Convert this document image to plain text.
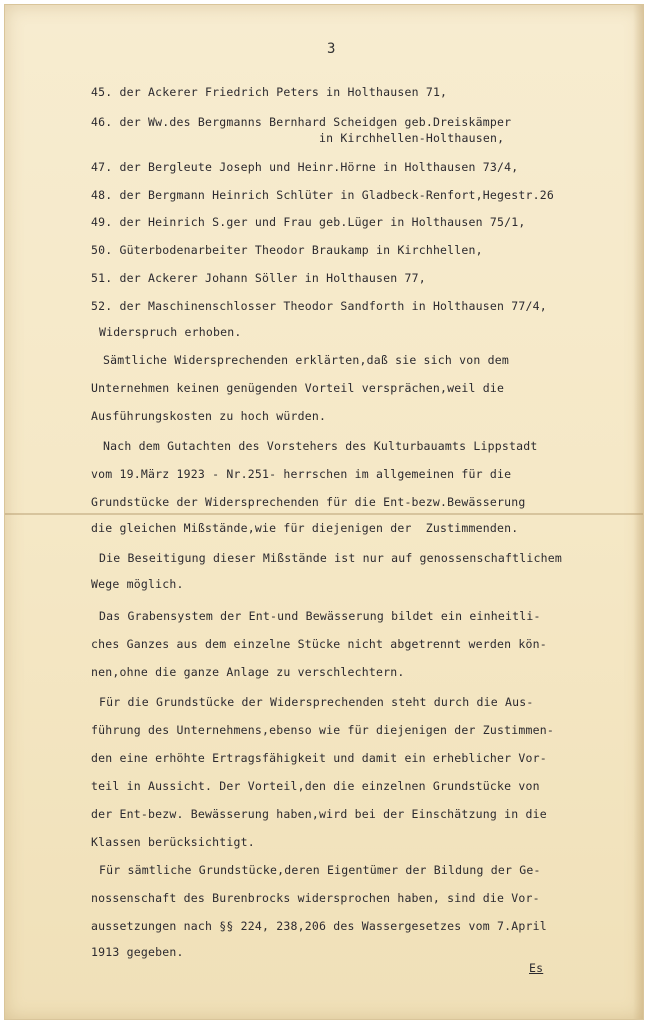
3
45. der Ackerer Friedrich Peters in Holthausen 71,
46. der Ww.des Bergmanns Bernhard Scheidgen geb.Dreiskämper
in Kirchhellen-Holthausen,
47. der Bergleute Joseph und Heinr.Hörne in Holthausen 73/4,
48. der Bergmann Heinrich Schlüter in Gladbeck-Renfort,Hegestr.26
49. der Heinrich S.ger und Frau geb.Lüger in Holthausen 75/1,
50. Güterbodenarbeiter Theodor Braukamp in Kirchhellen,
51. der Ackerer Johann Söller in Holthausen 77,
52. der Maschinenschlosser Theodor Sandforth in Holthausen 77/4,
Widerspruch erhoben.
Sämtliche Widersprechenden erklärten,daß sie sich von dem
Unternehmen keinen genügenden Vorteil versprächen,weil die
Ausführungskosten zu hoch würden.
Nach dem Gutachten des Vorstehers des Kulturbauamts Lippstadt
vom 19.März 1923 - Nr.251- herrschen im allgemeinen für die
Grundstücke der Widersprechenden für die Ent-bezw.Bewässerung
die gleichen Mißstände,wie für diejenigen der  Zustimmenden.
Die Beseitigung dieser Mißstände ist nur auf genossenschaftlichem
Wege möglich.
Das Grabensystem der Ent-und Bewässerung bildet ein einheitli-
ches Ganzes aus dem einzelne Stücke nicht abgetrennt werden kön-
nen,ohne die ganze Anlage zu verschlechtern.
Für die Grundstücke der Widersprechenden steht durch die Aus-
führung des Unternehmens,ebenso wie für diejenigen der Zustimmen-
den eine erhöhte Ertragsfähigkeit und damit ein erheblicher Vor-
teil in Aussicht. Der Vorteil,den die einzelnen Grundstücke von
der Ent-bezw. Bewässerung haben,wird bei der Einschätzung in die
Klassen berücksichtigt.
Für sämtliche Grundstücke,deren Eigentümer der Bildung der Ge-
nossenschaft des Burenbrocks widersprochen haben, sind die Vor-
aussetzungen nach §§ 224, 238,206 des Wassergesetzes vom 7.April
1913 gegeben.
Es
